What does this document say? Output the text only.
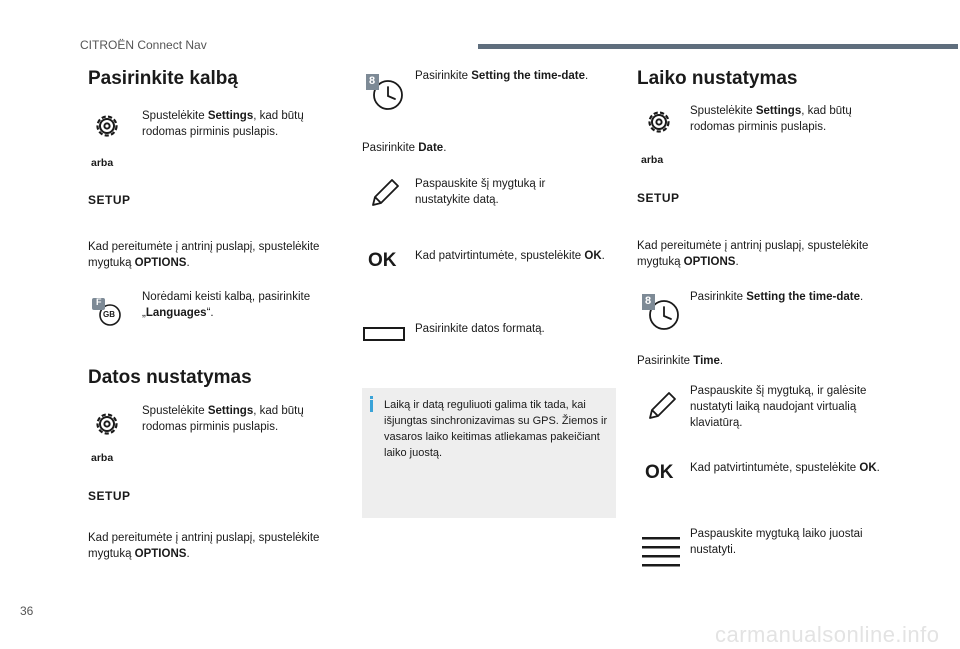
CITROËN Connect Nav
Pasirinkite kalbą
Spustelėkite Settings, kad būtų rodomas pirminis puslapis.
arba
SETUP
Kad pereitumėte į antrinį puslapį, spustelėkite mygtuką OPTIONS.
F
GB
Norėdami keisti kalbą, pasirinkite „Languages“.
Datos nustatymas
Spustelėkite Settings, kad būtų rodomas pirminis puslapis.
arba
SETUP
Kad pereitumėte į antrinį puslapį, spustelėkite mygtuką OPTIONS.
8	Pasirinkite Setting the time-date.
Pasirinkite Date.
Paspauskite šį mygtuką ir nustatykite datą.
OK Kad patvirtintumėte, spustelėkite OK.
Pasirinkite datos formatą.
Laiką ir datą reguliuoti galima tik tada, kai išjungtas sinchronizavimas su GPS. Žiemos ir vasaros laiko keitimas atliekamas pakeičiant laiko juostą.
Laiko nustatymas
Spustelėkite Settings, kad būtų rodomas pirminis puslapis.
arba
SETUP
Kad pereitumėte į antrinį puslapį, spustelėkite mygtuką OPTIONS.
8	Pasirinkite Setting the time-date.
Pasirinkite Time.
Paspauskite šį mygtuką, ir galėsite nustatyti laiką naudojant virtualią klaviatūrą.
OK Kad patvirtintumėte, spustelėkite OK.
Paspauskite mygtuką laiko juostai nustatyti.
36
carmanualsonline.info
